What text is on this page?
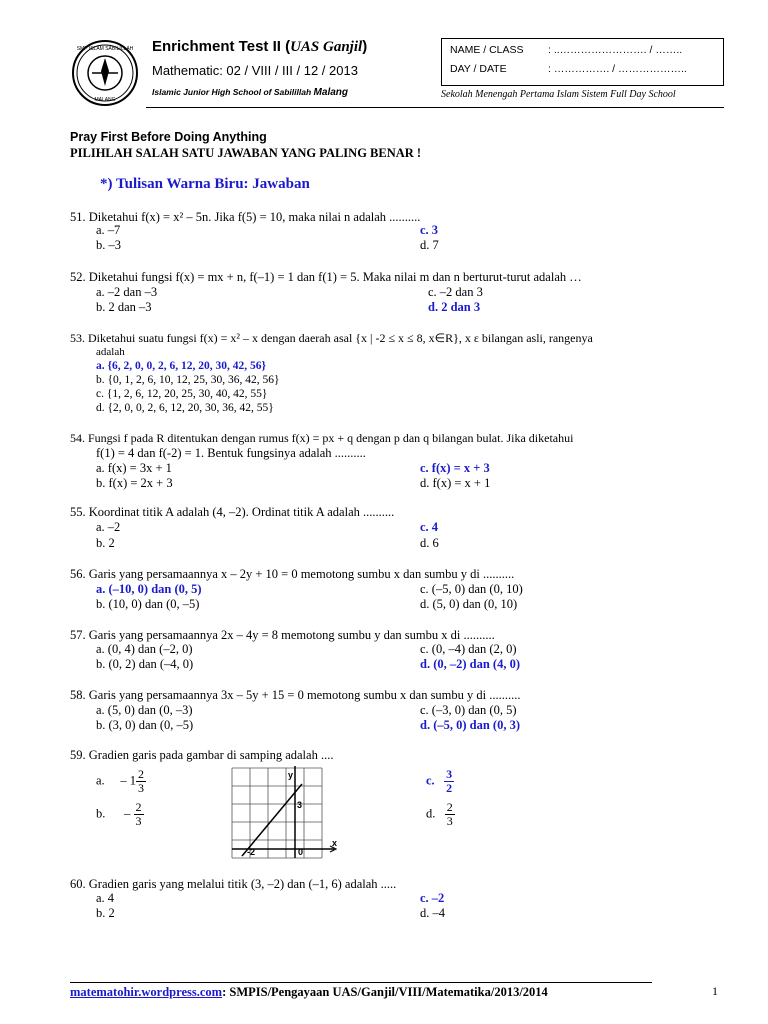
SMP ISLAM SABILILLAH
MALANG
Enrichment Test II (UAS Ganjil)
Mathematic: 02 / VIII / III / 12 / 2013
Islamic Junior High School of Sabilillah Malang
NAME / CLASS : ..……………………. / ……..
DAY / DATE	: ……………. / ………………..
Sekolah Menengah Pertama Islam Sistem Full Day School
Pray First Before Doing Anything
PILIHLAH SALAH SATU JAWABAN YANG PALING BENAR !
*) Tulisan Warna Biru: Jawaban
51. Diketahui f(x) = x² – 5n. Jika f(5) = 10, maka nilai n adalah ..........
a. –7
b. –3
c. 3
d. 7
52. Diketahui fungsi f(x) = mx + n, f(–1) = 1 dan f(1) = 5. Maka nilai m dan n berturut-turut adalah …
a. –2 dan –3
b. 2 dan –3
c. –2 dan 3
d. 2 dan 3
53. Diketahui suatu fungsi f(x) = x² – x dengan daerah asal {x | -2 ≤ x ≤ 8, x∈R}, x ε bilangan asli, rangenya
adalah
a. {6, 2, 0, 0, 2, 6, 12, 20, 30, 42, 56}
b. {0, 1, 2, 6, 10, 12, 25, 30, 36, 42, 56}
c. {1, 2, 6, 12, 20, 25, 30, 40, 42, 55}
d. {2, 0, 0, 2, 6, 12, 20, 30, 36, 42, 55}
54. Fungsi f pada R ditentukan dengan rumus f(x) = px + q dengan p dan q bilangan bulat. Jika diketahui
f(1) = 4 dan f(-2) = 1. Bentuk fungsinya adalah ..........
a. f(x) = 3x + 1
b. f(x) = 2x + 3
c. f(x) = x + 3
d. f(x) = x + 1
55. Koordinat titik A adalah (4, –2). Ordinat titik A adalah ..........
a. –2
b. 2
c. 4
d. 6
56. Garis yang persamaannya x – 2y + 10 = 0 memotong sumbu x dan sumbu y di ..........
a. (–10, 0) dan (0, 5)
b. (10, 0) dan (0, –5)
c. (–5, 0) dan (0, 10)
d. (5, 0) dan (0, 10)
57. Garis yang persamaannya 2x – 4y = 8 memotong sumbu y dan sumbu x di ..........
a. (0, 4) dan (–2, 0)
b. (0, 2) dan (–4, 0)
c. (0, –4) dan (2, 0)
d. (0, –2) dan (4, 0)
58. Garis yang persamaannya 3x – 5y + 15 = 0 memotong sumbu x dan sumbu y di ..........
a. (5, 0) dan (0, –3)
b. (3, 0) dan (0, –5)
c. (–3, 0) dan (0, 5)
d. (–5, 0) dan (0, 3)
59. Gradien garis pada gambar di samping adalah ....
a. – $1 \frac{2}{3}$
b. – $\frac{2}{3}$
c. $\frac{3}{2}$
d. $\frac{2}{3}$
y
x
3
-2	0
60. Gradien garis yang melalui titik (3, –2) dan (–1, 6) adalah .....
a. 4
b. 2
c. –2
d. –4
matematohir.wordpress.com: SMPIS/Pengayaan UAS/Ganjil/VIII/Matematika/2013/2014	1
